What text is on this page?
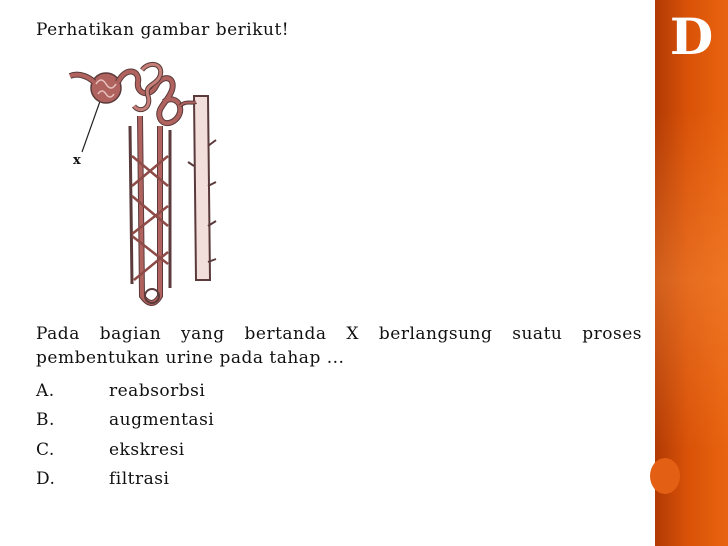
Perhatikan gambar berikut!
x
Pada bagian yang bertanda X berlangsung suatu proses
pembentukan urine pada tahap ...
A.	reabsorbsi
B.	augmentasi
C.	ekskresi
D.	filtrasi
D
